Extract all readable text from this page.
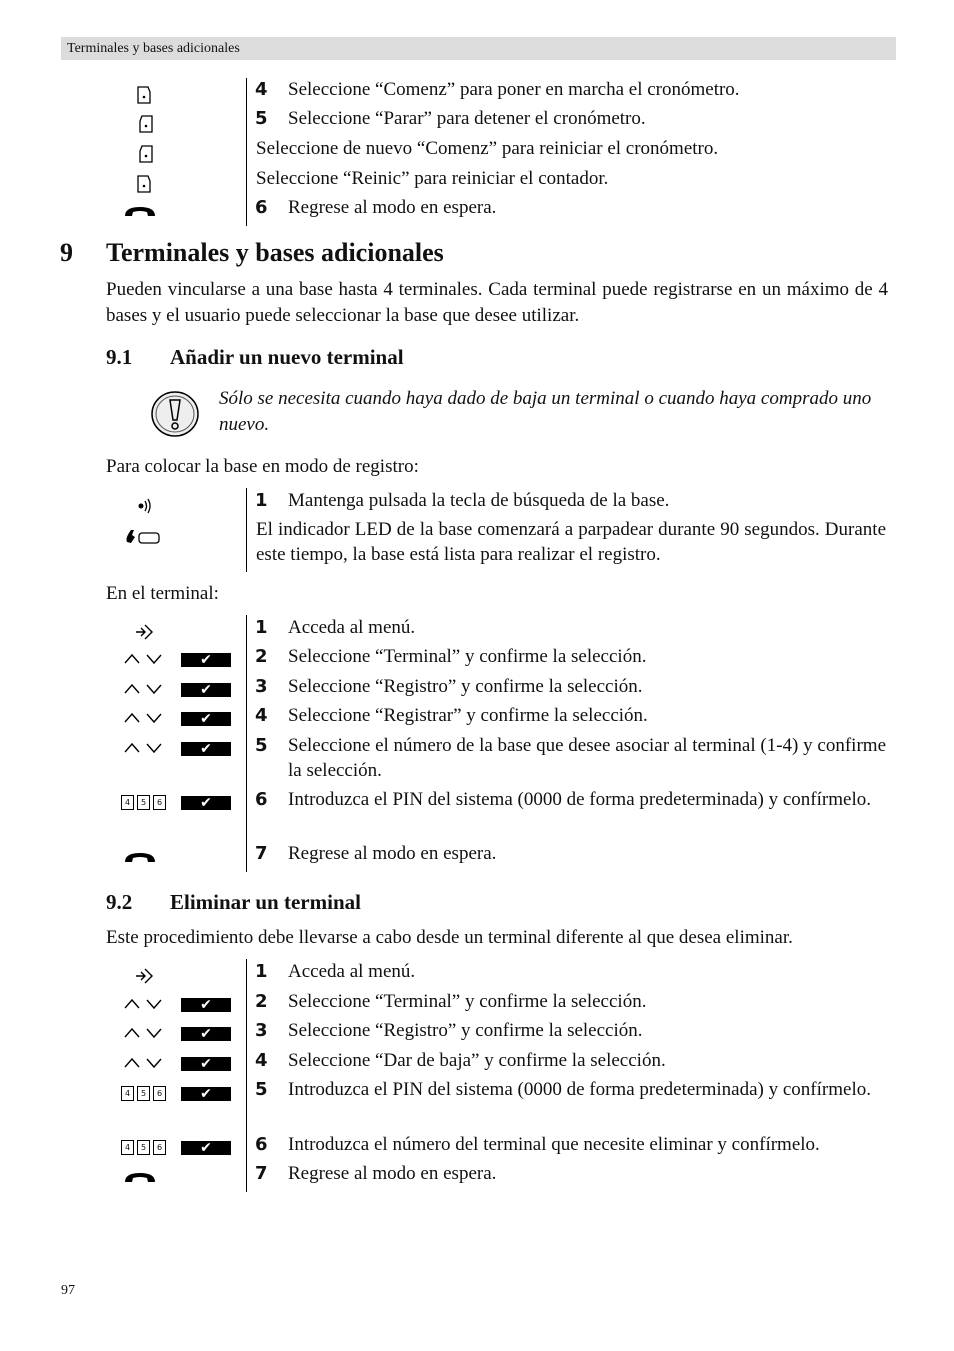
Terminales y bases adicionales
4 Seleccione “Comenz” para poner en marcha el cronómetro.
5 Seleccione “Parar” para detener el cronómetro.
Seleccione de nuevo “Comenz” para reiniciar el cronómetro.
Seleccione “Reinic” para reiniciar el contador.
6 Regrese al modo en espera.
9 Terminales y bases adicionales
Pueden vincularse a una base hasta 4 terminales. Cada terminal puede registrarse en un máximo de 4 bases y el usuario puede seleccionar la base que desee utilizar.
9.1 Añadir un nuevo terminal
Sólo se necesita cuando haya dado de baja un terminal o cuando haya comprado uno nuevo.
Para colocar la base en modo de registro:
1 Mantenga pulsada la tecla de búsqueda de la base.
El indicador LED de la base comenzará a parpadear durante 90 segundos. Durante este tiempo, la base está lista para realizar el registro.
En el terminal:
1 Acceda al menú.
✔	2 Seleccione “Terminal” y confirme la selección.
✔	3 Seleccione “Registro” y confirme la selección.
✔	4 Seleccione “Registrar” y confirme la selección.
✔	5 Seleccione el número de la base que desee asociar al terminal (1-4) y confirme la selección.
4	5	6	✔	6 Introduzca el PIN del sistema (0000 de forma predeterminada) y confírmelo.
7 Regrese al modo en espera.
9.2 Eliminar un terminal
Este procedimiento debe llevarse a cabo desde un terminal diferente al que desea eliminar.
1 Acceda al menú.
✔	2 Seleccione “Terminal” y confirme la selección.
✔	3 Seleccione “Registro” y confirme la selección.
✔	4 Seleccione “Dar de baja” y confirme la selección.
4	5	6	✔	5 Introduzca el PIN del sistema (0000 de forma predeterminada) y confírmelo.
4	5	6	✔	6 Introduzca el número del terminal que necesite eliminar y confírmelo.
7 Regrese al modo en espera.
97
